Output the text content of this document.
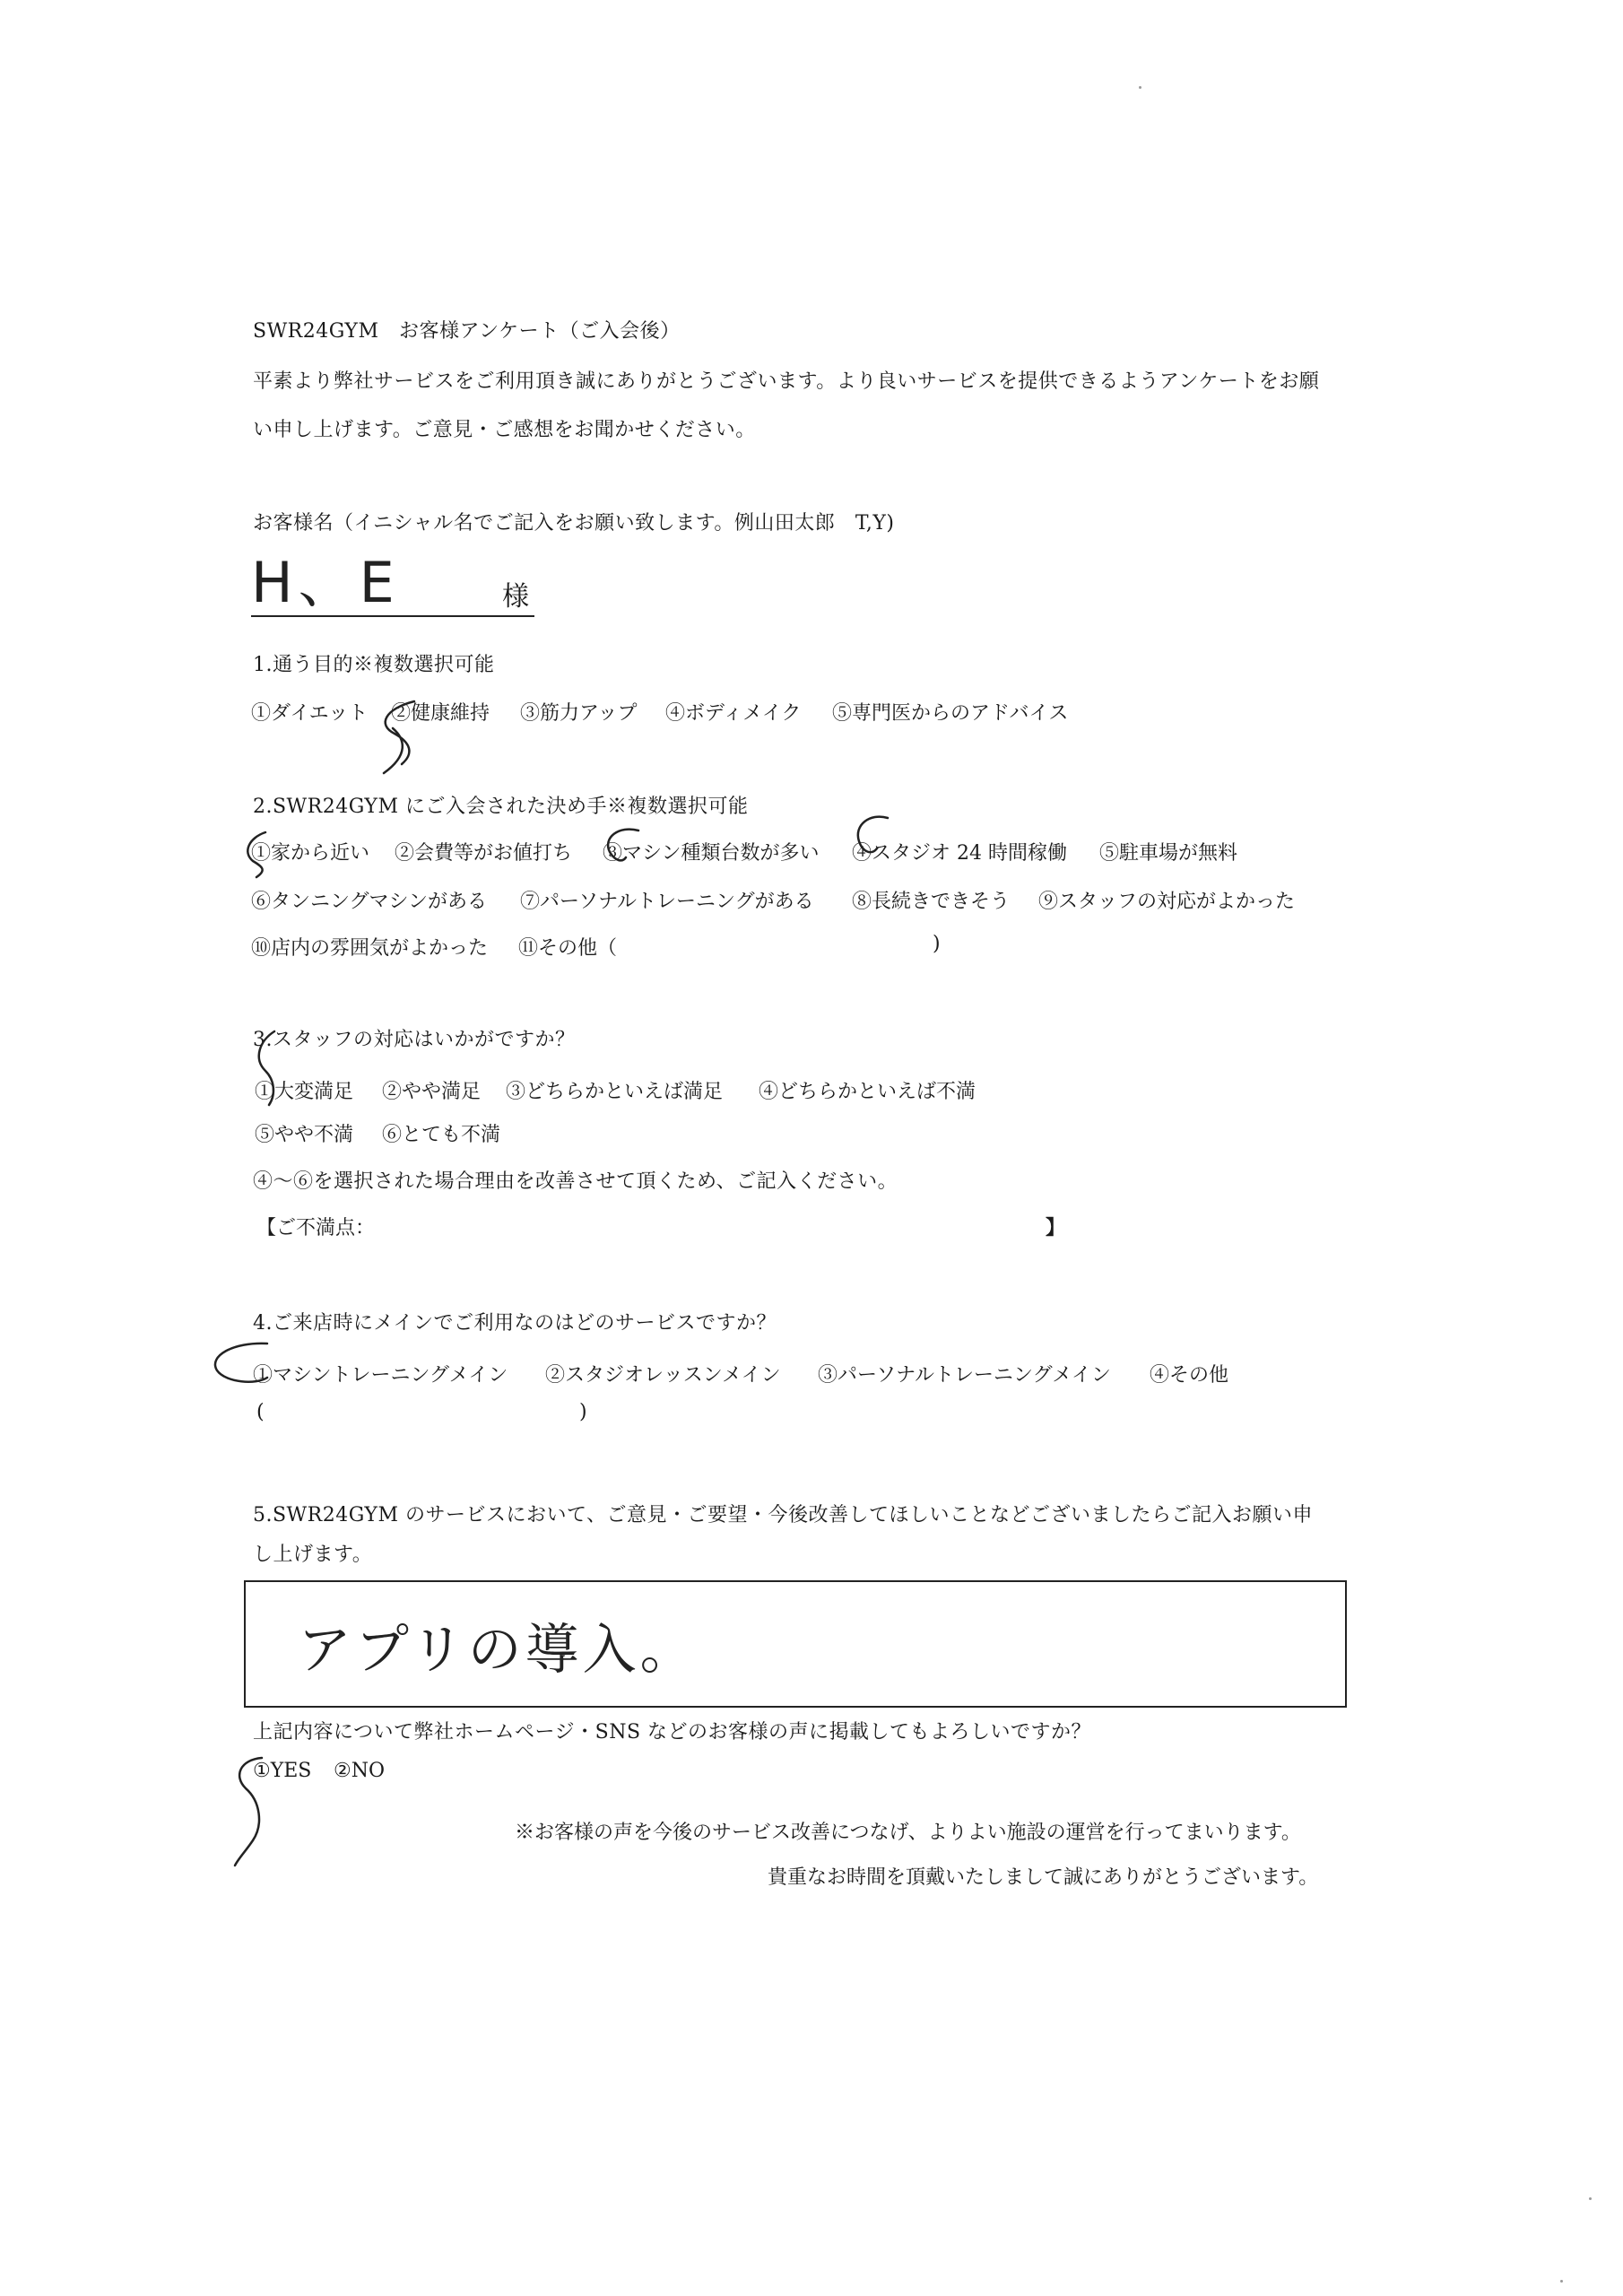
SWR24GYM　お客様アンケート（ご入会後）
平素より弊社サービスをご利用頂き誠にありがとうございます。より良いサービスを提供できるようアンケートをお願
い申し上げます。ご意見・ご感想をお聞かせください。
お客様名（イニシャル名でご記入をお願い致します。例山田太郎　T,Y)
H、E	様
1.通う目的※複数選択可能
①ダイエット ②健康維持 ③筋力アップ ④ボディメイク ⑤専門医からのアドバイス
2.SWR24GYM にご入会された決め手※複数選択可能
①家から近い ②会費等がお値打ち ③マシン種類台数が多い ④スタジオ 24 時間稼働 ⑤駐車場が無料
⑥タンニングマシンがある ⑦パーソナルトレーニングがある ⑧長続きできそう ⑨スタッフの対応がよかった
⑩店内の雰囲気がよかった ⑪その他（	)
3.スタッフの対応はいかがですか？
①大変満足 ②やや満足 ③どちらかといえば満足 ④どちらかといえば不満
⑤やや不満 ⑥とても不満
④～⑥を選択された場合理由を改善させて頂くため、ご記入ください。
【ご不満点：	】
4.ご来店時にメインでご利用なのはどのサービスですか？
①マシントレーニングメイン ②スタジオレッスンメイン ③パーソナルトレーニングメイン ④その他
(	)
5.SWR24GYM のサービスにおいて、ご意見・ご要望・今後改善してほしいことなどございましたらご記入お願い申
し上げます。
アプリの導入。
上記内容について弊社ホームページ・SNS などのお客様の声に掲載してもよろしいですか？
①YES ②NO
※お客様の声を今後のサービス改善につなげ、よりよい施設の運営を行ってまいります。
貴重なお時間を頂戴いたしまして誠にありがとうございます。
